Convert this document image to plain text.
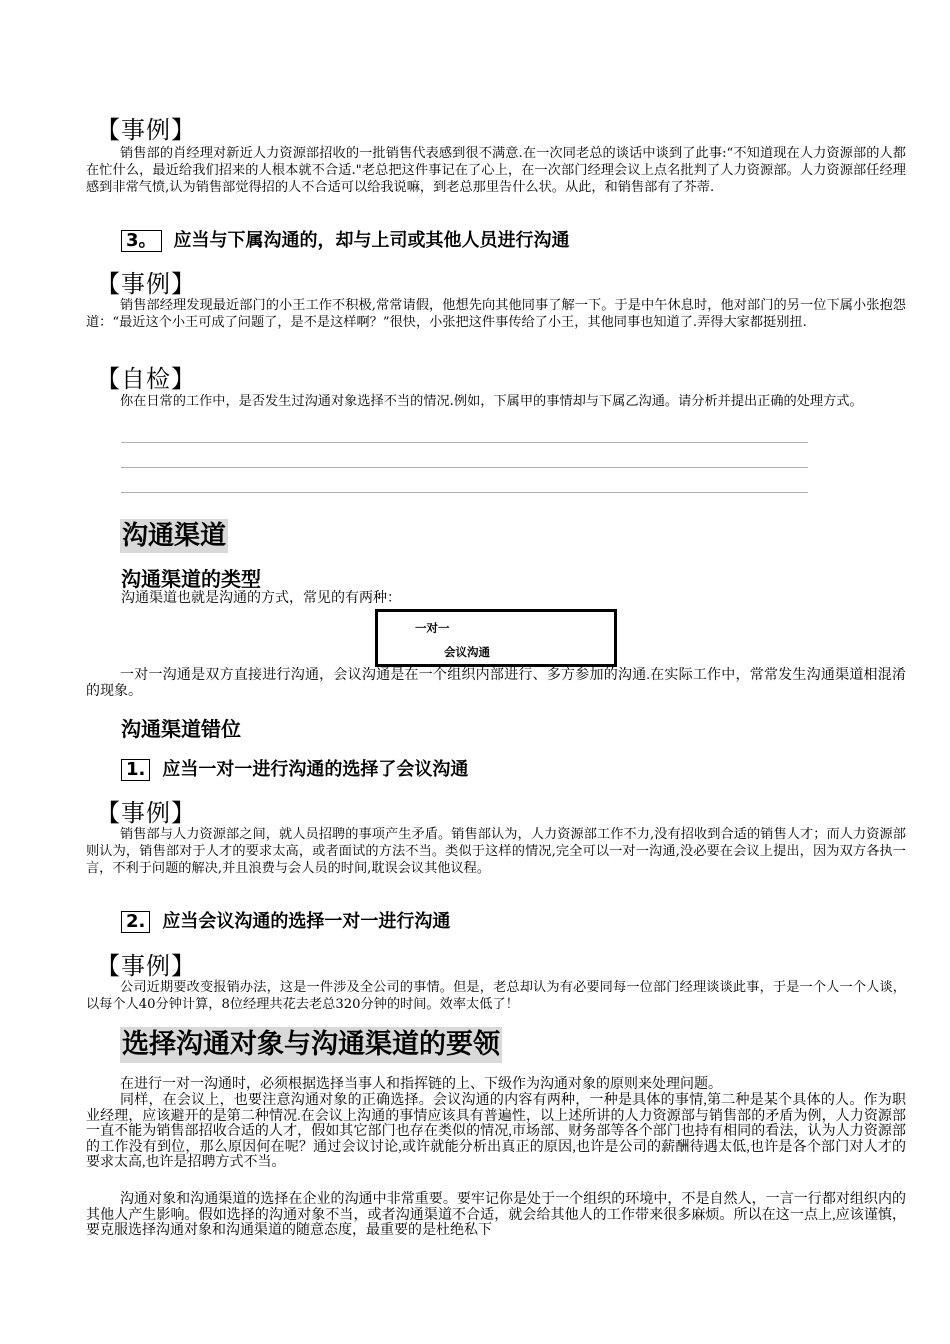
【事例】
销售部的肖经理对新近人力资源部招收的一批销售代表感到很不满意.在一次同老总的谈话中谈到了此事:“不知道现在人力资源部的人都在忙什么，最近给我们招来的人根本就不合适."老总把这件事记在了心上，在一次部门经理会议上点名批判了人力资源部。人力资源部任经理感到非常气愤,认为销售部觉得招的人不合适可以给我说嘛，到老总那里告什么状。从此，和销售部有了芥蒂.
3。 应当与下属沟通的，却与上司或其他人员进行沟通
【事例】
销售部经理发现最近部门的小王工作不积极,常常请假，他想先向其他同事了解一下。于是中午休息时，他对部门的另一位下属小张抱怨道：“最近这个小王可成了问题了，是不是这样啊？”很快，小张把这件事传给了小王，其他同事也知道了.弄得大家都挺别扭.
【自检】
你在日常的工作中，是否发生过沟通对象选择不当的情况.例如，下属甲的事情却与下属乙沟通。请分析并提出正确的处理方式。
沟通渠道
沟通渠道的类型
沟通渠道也就是沟通的方式，常见的有两种：
一对一
会议沟通
一对一沟通是双方直接进行沟通，会议沟通是在一个组织内部进行、多方参加的沟通.在实际工作中，常常发生沟通渠道相混淆的现象。
沟通渠道错位
1. 应当一对一进行沟通的选择了会议沟通
【事例】
销售部与人力资源部之间，就人员招聘的事项产生矛盾。销售部认为，人力资源部工作不力,没有招收到合适的销售人才；而人力资源部则认为，销售部对于人才的要求太高，或者面试的方法不当。类似于这样的情况,完全可以一对一沟通,没必要在会议上提出，因为双方各执一言，不利于问题的解决,并且浪费与会人员的时间,耽误会议其他议程。
2. 应当会议沟通的选择一对一进行沟通
【事例】
公司近期要改变报销办法，这是一件涉及全公司的事情。但是，老总却认为有必要同每一位部门经理谈谈此事，于是一个人一个人谈，以每个人40分钟计算，8位经理共花去老总320分钟的时间。效率太低了！
选择沟通对象与沟通渠道的要领
在进行一对一沟通时，必须根据选择当事人和指挥链的上、下级作为沟通对象的原则来处理问题。
同样，在会议上，也要注意沟通对象的正确选择。会议沟通的内容有两种，一种是具体的事情,第二种是某个具体的人。作为职业经理，应该避开的是第二种情况.在会议上沟通的事情应该具有普遍性，以上述所讲的人力资源部与销售部的矛盾为例，人力资源部一直不能为销售部招收合适的人才，假如其它部门也存在类似的情况,市场部、财务部等各个部门也持有相同的看法，认为人力资源部的工作没有到位，那么原因何在呢？通过会议讨论,或许就能分析出真正的原因,也许是公司的薪酬待遇太低,也许是各个部门对人才的要求太高,也许是招聘方式不当。
沟通对象和沟通渠道的选择在企业的沟通中非常重要。要牢记你是处于一个组织的环境中，不是自然人，一言一行都对组织内的其他人产生影响。假如选择的沟通对象不当，或者沟通渠道不合适，就会给其他人的工作带来很多麻烦。所以在这一点上,应该谨慎，要克服选择沟通对象和沟通渠道的随意态度，最重要的是杜绝私下
